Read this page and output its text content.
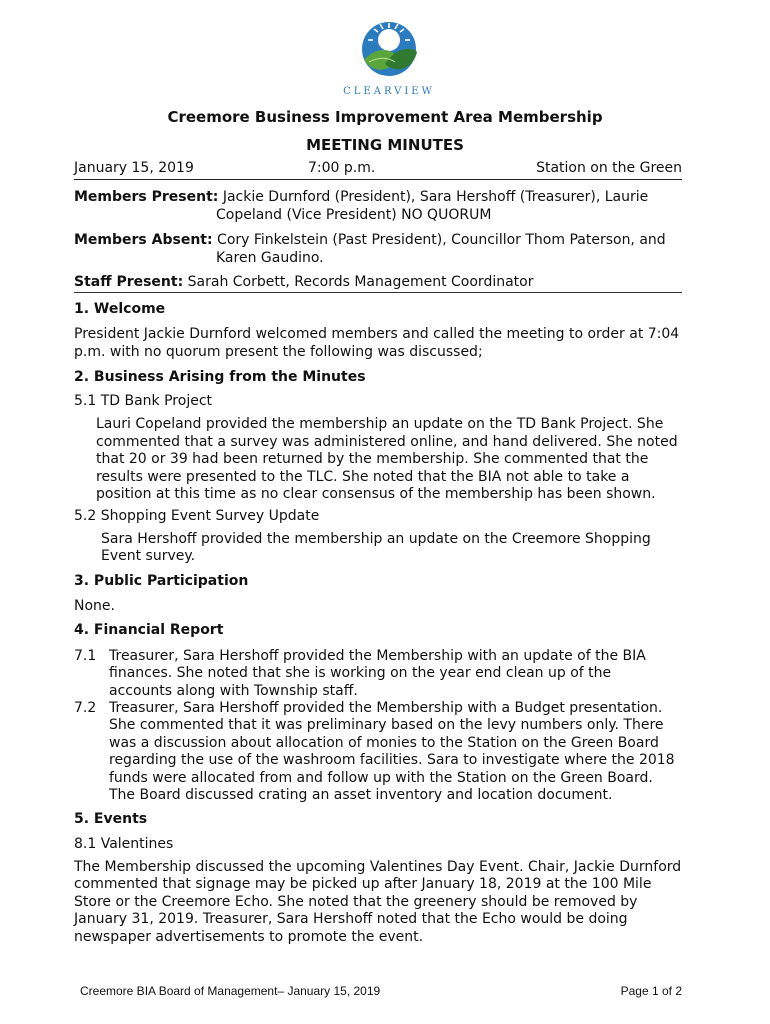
CLEARVIEW
Creemore Business Improvement Area Membership
MEETING MINUTES
January 15, 2019	7:00 p.m.	Station on the Green

Members Present: Jackie Durnford (President), Sara Hershoff (Treasurer), Laurie

Copeland (Vice President) NO QUORUM

Members Absent: Cory Finkelstein (Past President), Councillor Thom Paterson, and

Karen Gaudino.

Staff Present: Sarah Corbett, Records Management Coordinator

1. Welcome

President Jackie Durnford welcomed members and called the meeting to order at 7:04

p.m. with no quorum present the following was discussed;

2. Business Arising from the Minutes

5.1 TD Bank Project

Lauri Copeland provided the membership an update on the TD Bank Project. She

commented that a survey was administered online, and hand delivered. She noted

that 20 or 39 had been returned by the membership. She commented that the

results were presented to the TLC. She noted that the BIA not able to take a

position at this time as no clear consensus of the membership has been shown.

5.2 Shopping Event Survey Update

Sara Hershoff provided the membership an update on the Creemore Shopping

Event survey.

3. Public Participation

None.

4. Financial Report

7.1 Treasurer, Sara Hershoff provided the Membership with an update of the BIA

finances. She noted that she is working on the year end clean up of the

accounts along with Township staff.

7.2 Treasurer, Sara Hershoff provided the Membership with a Budget presentation.

She commented that it was preliminary based on the levy numbers only. There

was a discussion about allocation of monies to the Station on the Green Board

regarding the use of the washroom facilities. Sara to investigate where the 2018

funds were allocated from and follow up with the Station on the Green Board.

The Board discussed crating an asset inventory and location document.

5. Events

8.1 Valentines

The Membership discussed the upcoming Valentines Day Event. Chair, Jackie Durnford

commented that signage may be picked up after January 18, 2019 at the 100 Mile

Store or the Creemore Echo. She noted that the greenery should be removed by

January 31, 2019. Treasurer, Sara Hershoff noted that the Echo would be doing

newspaper advertisements to promote the event.

Creemore BIA Board of Management– January 15, 2019	Page 1 of 2
